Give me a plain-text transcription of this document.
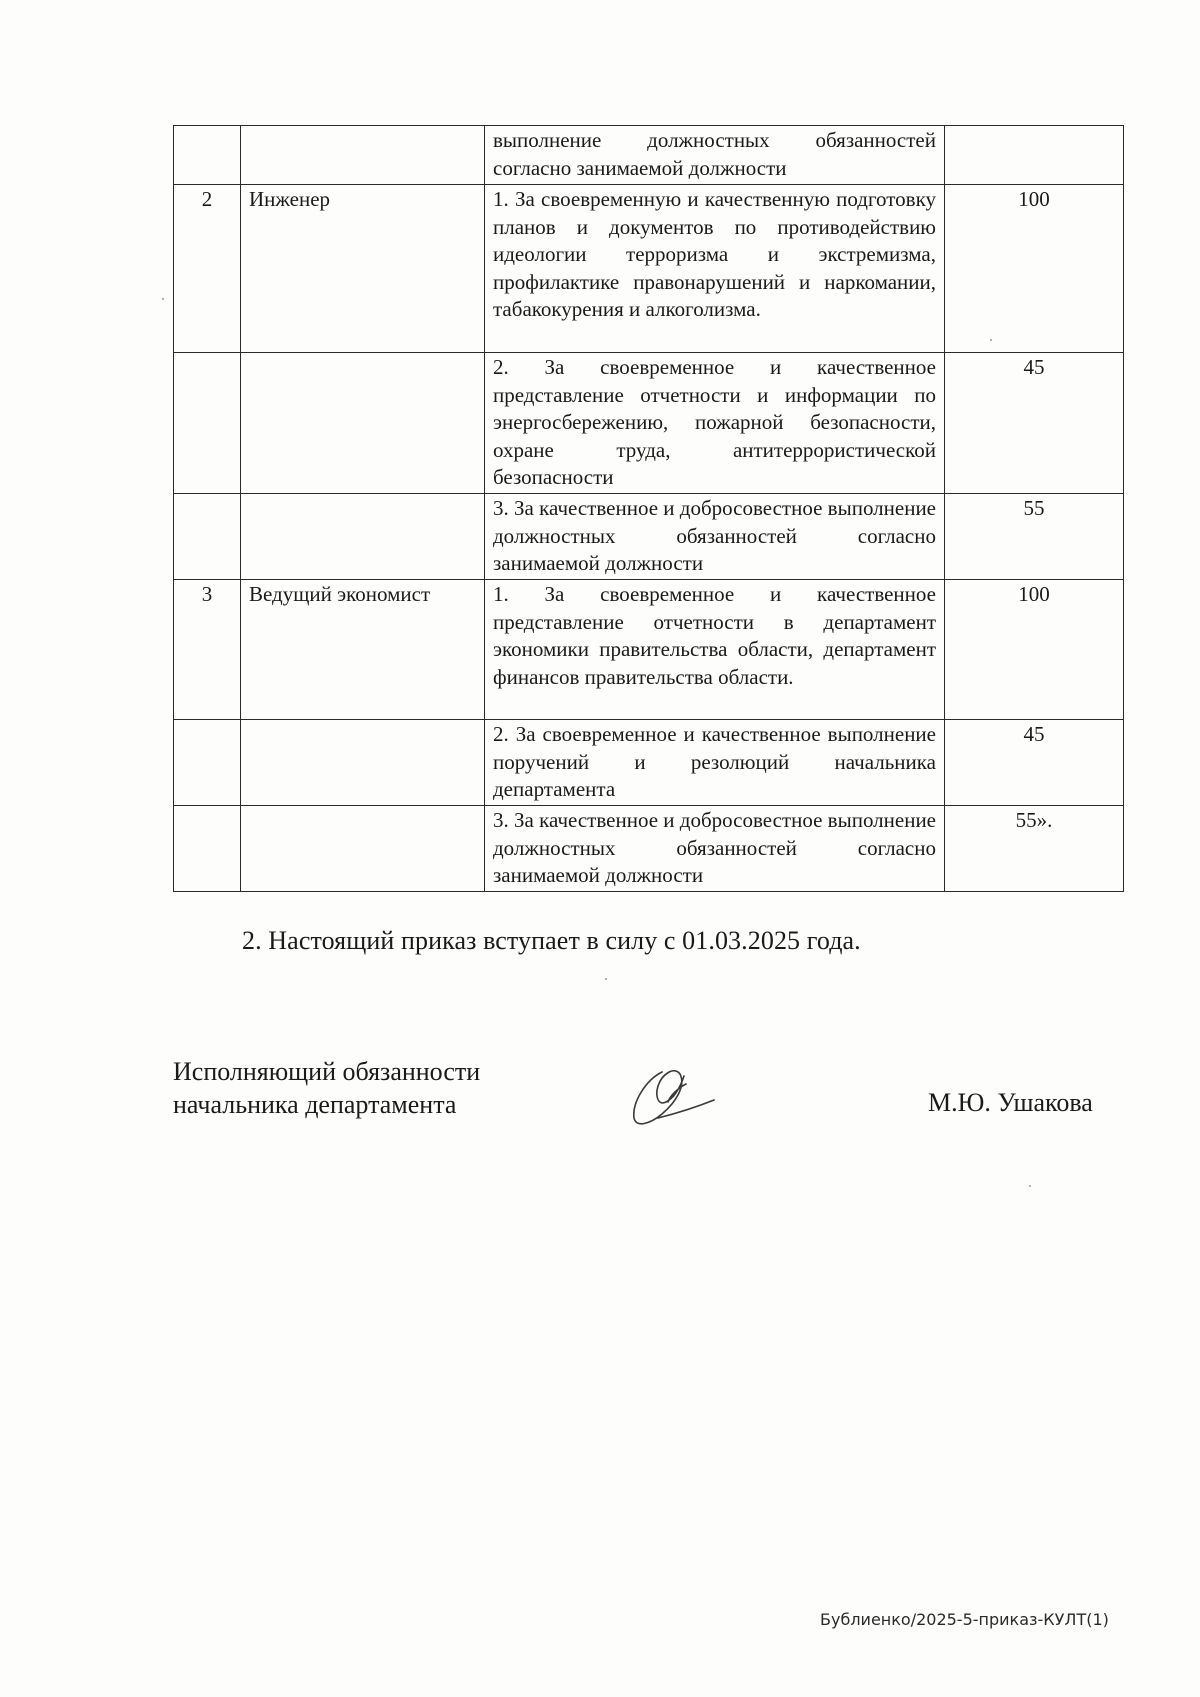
		выполнение должностных обязанностей согласно занимаемой должности	
2	Инженер	1. За своевременную и качественную подготовку планов и документов по противодействию идеологии терроризма и экстремизма, профилактике правонарушений и наркомании, табакокурения и алкоголизма.	100
		2. За своевременное и качественное представление отчетности и информации по энергосбережению, пожарной безопасности, охране труда, антитеррористической безопасности	45
		3. За качественное и добросовестное выполнение должностных обязанностей согласно занимаемой должности	55
3	Ведущий экономист	1. За своевременное и качественное представление отчетности в департамент экономики правительства области, департамент финансов правительства области.	100
		2. За своевременное и качественное выполнение поручений и резолюций начальника департамента	45
		3. За качественное и добросовестное выполнение должностных обязанностей согласно занимаемой должности	55».
2. Настоящий приказ вступает в силу с 01.03.2025 года.
Исполняющий обязанности
начальника департамента	М.Ю. Ушакова
Бублиенко/2025-5-приказ-КУЛТ(1)
